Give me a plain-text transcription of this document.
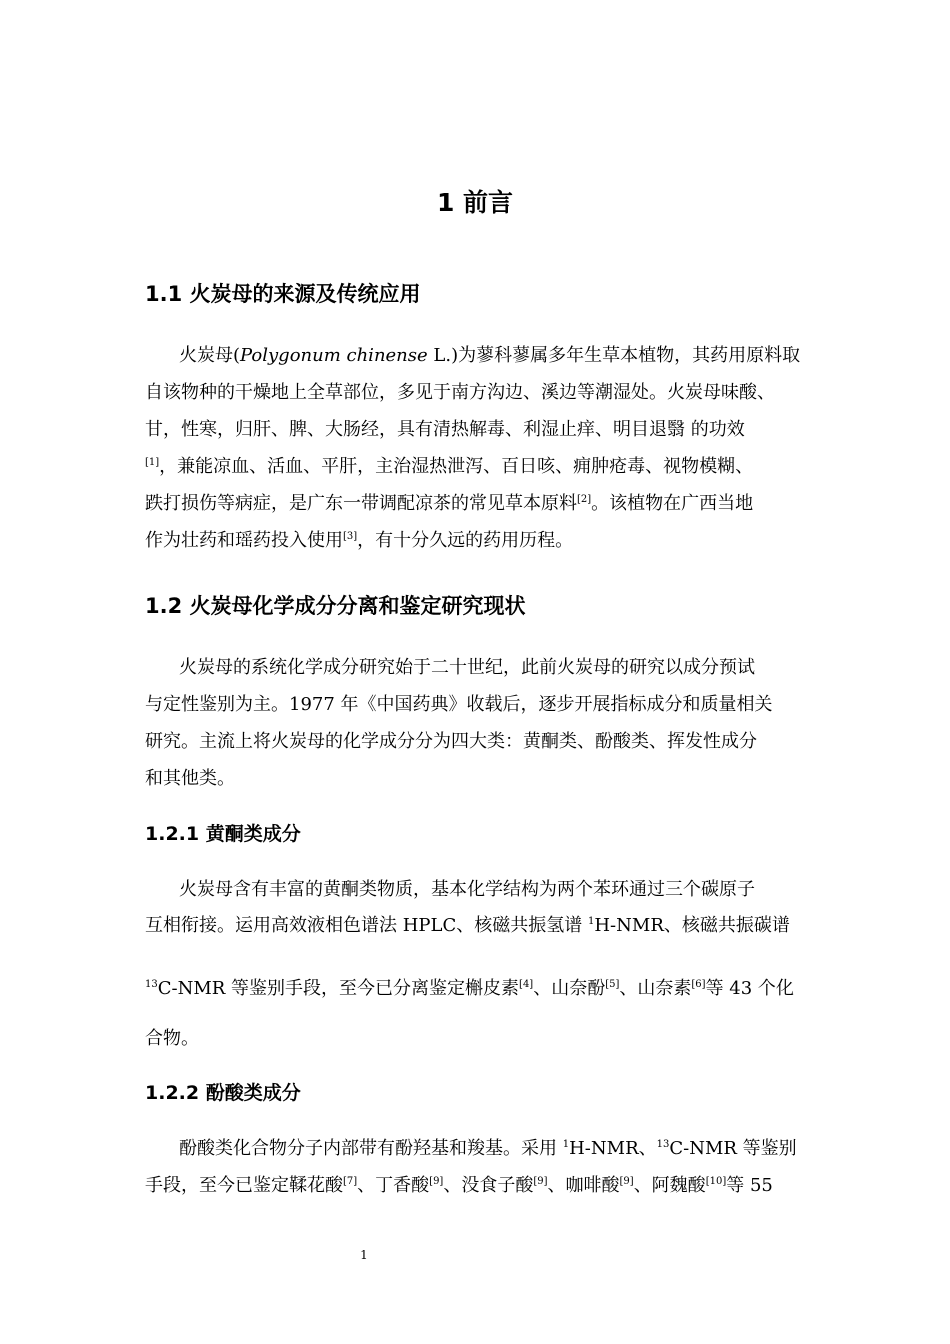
1 前言
1.1 火炭母的来源及传统应用
火炭母(Polygonum chinense L.)为蓼科蓼属多年生草本植物，其药用原料取
自该物种的干燥地上全草部位，多见于南方沟边、溪边等潮湿处。火炭母味酸、
甘，性寒，归肝、脾、大肠经，具有清热解毒、利湿止痒、明目退翳 的功效
[1]，兼能凉血、活血、平肝，主治湿热泄泻、百日咳、痈肿疮毒、视物模糊、
跌打损伤等病症，是广东一带调配凉茶的常见草本原料[2]。该植物在广西当地
作为壮药和瑶药投入使用[3]，有十分久远的药用历程。
1.2 火炭母化学成分分离和鉴定研究现状
火炭母的系统化学成分研究始于二十世纪，此前火炭母的研究以成分预试
与定性鉴别为主。1977 年《中国药典》收载后，逐步开展指标成分和质量相关
研究。主流上将火炭母的化学成分分为四大类：黄酮类、酚酸类、挥发性成分
和其他类。
1.2.1 黄酮类成分
火炭母含有丰富的黄酮类物质，基本化学结构为两个苯环通过三个碳原子
互相衔接。运用高效液相色谱法 HPLC、核磁共振氢谱 $^1$H-NMR、核磁共振碳谱
$^{13}$C-NMR 等鉴别手段，至今已分离鉴定槲皮素[4]、山奈酚[5]、山奈素[6]等 43 个化
合物。
1.2.2 酚酸类成分
酚酸类化合物分子内部带有酚羟基和羧基。采用 $^1$H-NMR、$^{13}$C-NMR 等鉴别
手段，至今已鉴定鞣花酸[7]、丁香酸[9]、没食子酸[9]、咖啡酸[9]、阿魏酸[10]等 55
1
